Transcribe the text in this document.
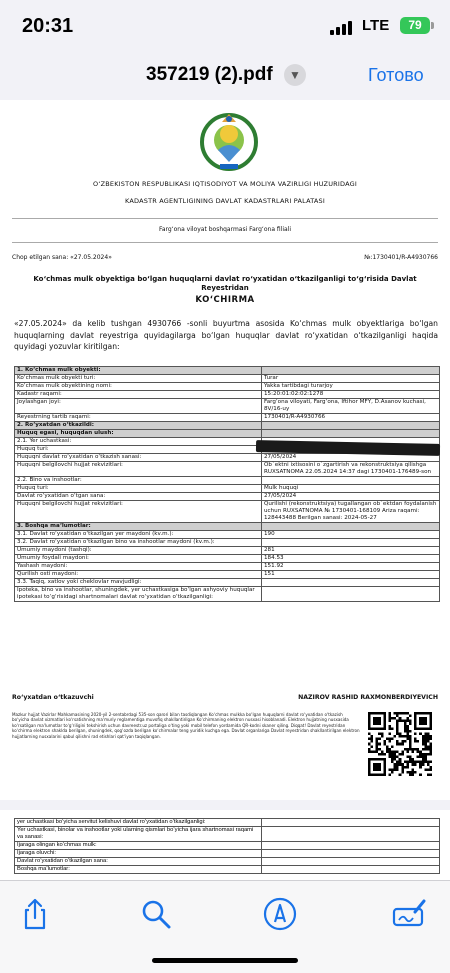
20:31	LTE	79
357219 (2).pdf	▼	Готово
O‘ZBEKISTON RESPUBLIKASI IQTISODIYOT VA MOLIYA VAZIRLIGI HUZURIDAGI
KADASTR AGENTLIGINING DAVLAT KADASTRLARI PALATASI
Farg‘ona viloyat boshqarmasi Farg‘ona filiali
Chop etilgan sana: «27.05.2024»	№:1730401/R-A4930766
Ko‘chmas mulk obyektiga bo‘lgan huquqlarni davlat ro‘yxatidan o‘tkazilganligi to‘g‘risida Davlat Reyestridan
KO‘CHIRMA
«27.05.2024» da kelib tushgan 4930766 -sonli buyurtma asosida Ko‘chmas mulk obyektlariga bo‘lgan huquqlarning davlat reyestriga quyidagilarga bo‘lgan huquqlar davlat ro‘yxatidan o‘tkazilganligi haqida quyidagi yozuvlar kiritilgan:
1. Ko‘chmas mulk obyekti:	
Ko‘chmas mulk obyekti turi:	Turar
Ko‘chmas mulk obyektining nomi:	Yakka tartibdagi turarjoy
Kadastr raqami:	15:20:01:02:02:1278
Joylashgan joyi:	Farg‘ona viloyati, Farg‘ona, Iftihor MFY, D.Asanov kuchasi, 8V/16-uy
Reyestrning tartib raqami:	1730401/R-A4930766
2. Ro‘yxatdan o‘tkazildi:	
Huquq egasi, huquqdan ulush:	
2.1. Yer uchastkasi:	
Huquq turi:	
Huquqni davlat ro‘yxatidan o‘tkazish sanasi:	27/05/2024
Huquqni belgilovchi hujjat rekvizitlari:	Ob`ektni ixtisosini o`zgartirish va rekonstruktsiya qilishga RUXSATNOMA 22.05.2024 14:37 dagi 1730401-176489-son
2.2. Bino va inshootlar:	
Huquq turi:	Mulk huquqi
Davlat ro‘yxatidan o‘tgan sana:	27/05/2024
Huquqni belgilovchi hujjat rekvizitlari:	Qurilishi (rekonstruktsiya) tugallangan ob`ektdan foydalanish uchun RUXSATNOMA № 1730401-168109 Ariza raqami: 128443488 Berilgan sanasi: 2024-05-27
3. Boshqa ma‘lumotlar:	
3.1. Davlat ro‘yxatidan o‘tkazilgan yer maydoni (kv.m.):	190
3.2. Davlat ro‘yxatidan o‘tkazilgan bino va inshootlar maydoni (kv.m.):	
Umumiy maydoni (tashqi):	281
Umumiy foydali maydoni:	184.53
Yashash maydoni:	151.92
Qurilish osti maydoni:	151
3.3. Taqiq, xatlov yoki cheklovlar mavjudligi:	
Ipoteka, bino va inshootlar, shuningdek, yer uchastkasiga bo‘lgan ashyoviy huquqlar ipotekasi to‘g‘risidagi shartnomalari davlat ro‘yxatidan o‘tkazilganligi:	
Ro‘yxatdan o‘tkazuvchi	NAZIROV RASHID RAXMONBERDIYEVICH
Mazkur hujjat Vazirlar Mahkamasining 2020-yil 2-sentabrdagi 535-son qarori bilan tasdiqlangan Ko‘chmas mulkka bo‘lgan huquqlarni davlat ro‘yxatidan o‘tkazish bo‘yicha davlat xizmatlari ko‘rsatishning ma‘muriy reglamentiga muvofiq shakllantirilgan Ko‘chirmaning elektron nusxasi hisoblanadi. Elektron hujjatning nusxasida ko‘rsatilgan ma‘lumotlar to‘g‘riligini tekshirish uchun davreestr.uz portaliga o‘ting yoki mobil telefon yordamida QR-kodni skaner qiling. Diqqat! Davlat reyestridan ko‘chirma elektron shaklda berilgan, shuningdek, qog‘ozda berilgan ko‘chirmalar teng yuridik kuchga ega. Davlat organlariga Davlat reyestridan shakllantirilgan elektron hujjatlarning nusxalarini qabul qilishni rad etishlari qat‘iyan taqiqlangan.
yer uchastkasi bo‘yicha servitut kelishuvi davlat ro‘yxatidan o‘tkazilganligi:	
Yer uchastkasi, binolar va inshootlar yoki ularning qismlari bo‘yicha ijara shartnomasi raqami va sanasi:	
Ijaraga olingan ko‘chmas mulk:	
Ijaraga oluvchi:	
Davlat ro‘yxatidan o‘tkazilgan sana:	
Boshqa ma‘lumotlar:	
